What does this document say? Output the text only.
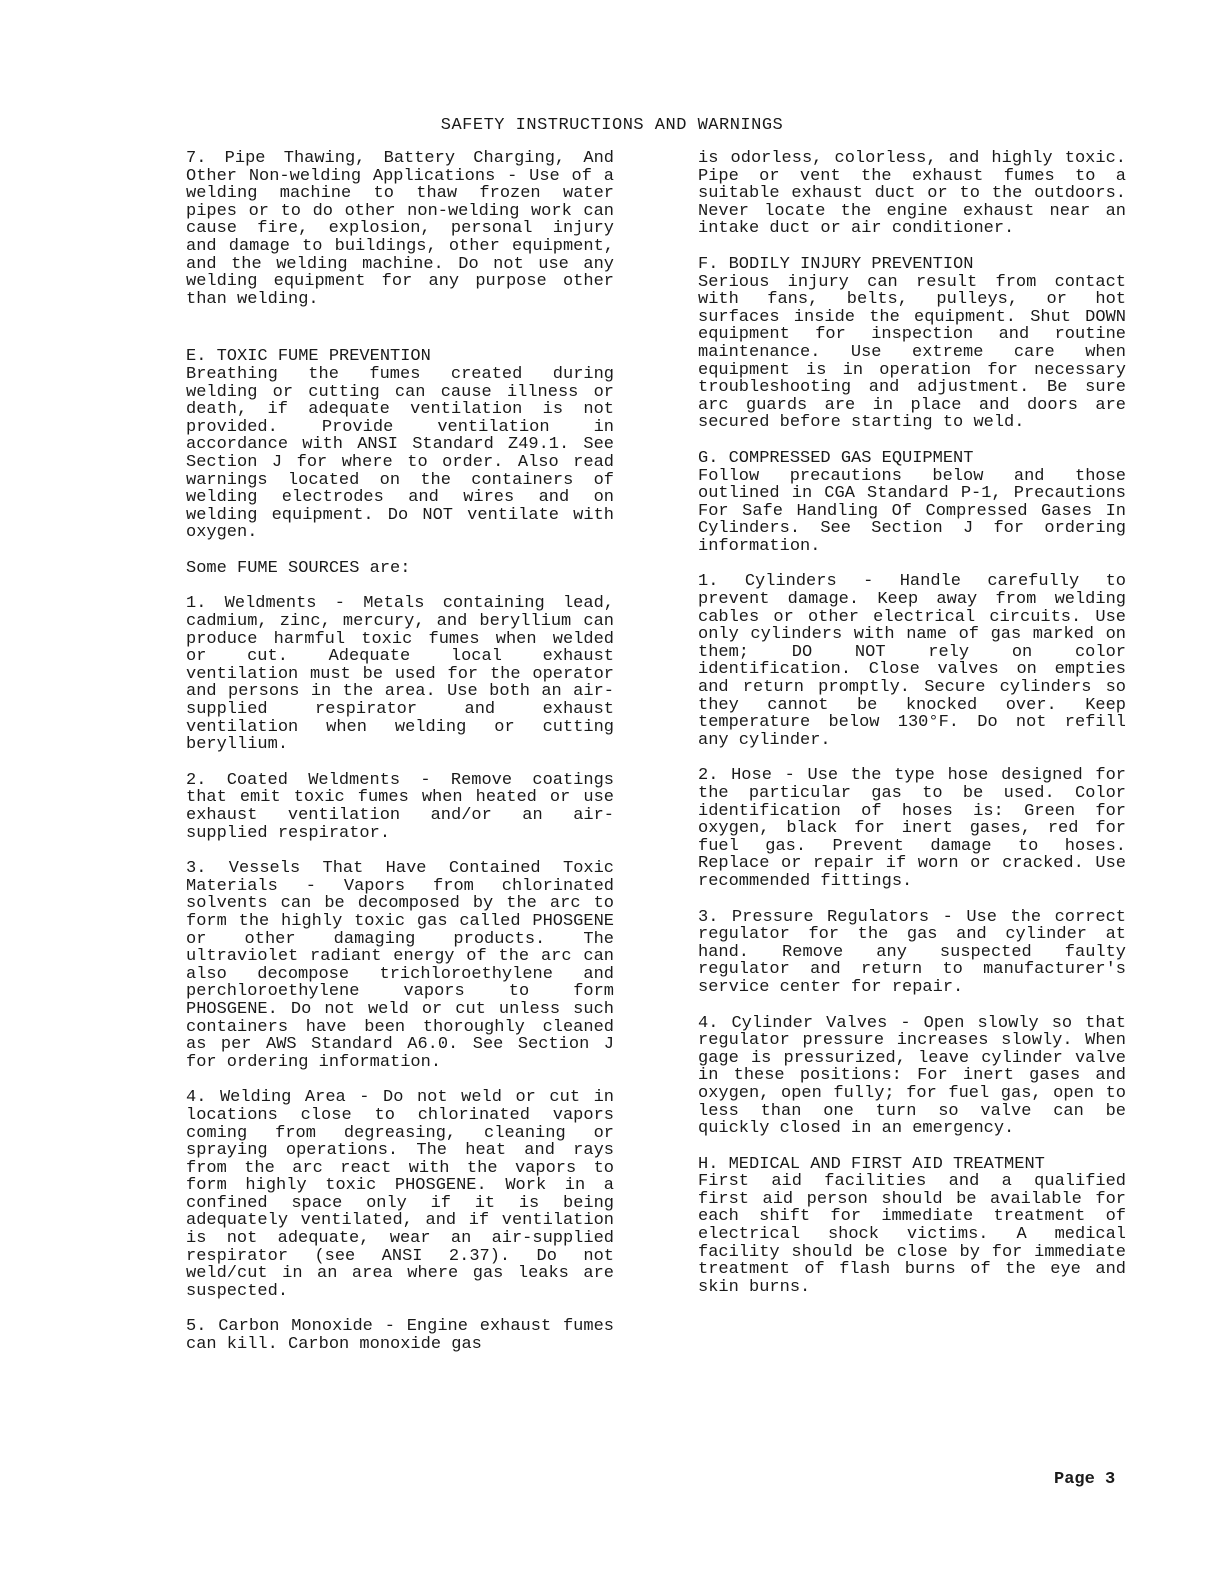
SAFETY INSTRUCTIONS AND WARNINGS

7. Pipe Thawing, Battery Charging, And Other Non-welding Applications - Use of a welding machine to thaw frozen water pipes or to do other non-welding work can cause fire, explosion, personal injury and damage to buildings, other equipment, and the welding machine. Do not use any welding equipment for any purpose other than welding.

E. TOXIC FUME PREVENTION
Breathing the fumes created during welding or cutting can cause illness or death, if adequate ventilation is not provided. Provide ventilation in accordance with ANSI Standard Z49.1. See Section J for where to order. Also read warnings located on the containers of welding electrodes and wires and on welding equipment. Do NOT ventilate with oxygen.

Some FUME SOURCES are:

1. Weldments - Metals containing lead, cadmium, zinc, mercury, and beryllium can produce harmful toxic fumes when welded or cut. Adequate local exhaust ventilation must be used for the operator and persons in the area. Use both an air-supplied respirator and exhaust ventilation when welding or cutting beryllium.

2. Coated Weldments - Remove coatings that emit toxic fumes when heated or use exhaust ventilation and/or an air-supplied respirator.

3. Vessels That Have Contained Toxic Materials - Vapors from chlorinated solvents can be decomposed by the arc to form the highly toxic gas called PHOSGENE or other damaging products. The ultraviolet radiant energy of the arc can also decompose trichloroethylene and perchloroethylene vapors to form PHOSGENE. Do not weld or cut unless such containers have been thoroughly cleaned as per AWS Standard A6.0. See Section J for ordering information.

4. Welding Area - Do not weld or cut in locations close to chlorinated vapors coming from degreasing, cleaning or spraying operations. The heat and rays from the arc react with the vapors to form highly toxic PHOSGENE. Work in a confined space only if it is being adequately ventilated, and if ventilation is not adequate, wear an air-supplied respirator (see ANSI 2.37). Do not weld/cut in an area where gas leaks are suspected.

5. Carbon Monoxide - Engine exhaust fumes can kill. Carbon monoxide gas

is odorless, colorless, and highly toxic. Pipe or vent the exhaust fumes to a suitable exhaust duct or to the outdoors. Never locate the engine exhaust near an intake duct or air conditioner.

F. BODILY INJURY PREVENTION
Serious injury can result from contact with fans, belts, pulleys, or hot surfaces inside the equipment. Shut DOWN equipment for inspection and routine maintenance. Use extreme care when equipment is in operation for necessary troubleshooting and adjustment. Be sure arc guards are in place and doors are secured before starting to weld.

G. COMPRESSED GAS EQUIPMENT
Follow precautions below and those outlined in CGA Standard P-1, Precautions For Safe Handling Of Compressed Gases In Cylinders. See Section J for ordering information.

1. Cylinders - Handle carefully to prevent damage. Keep away from welding cables or other electrical circuits. Use only cylinders with name of gas marked on them; DO NOT rely on color identification. Close valves on empties and return promptly. Secure cylinders so they cannot be knocked over. Keep temperature below 130°F. Do not refill any cylinder.

2. Hose - Use the type hose designed for the particular gas to be used. Color identification of hoses is: Green for oxygen, black for inert gases, red for fuel gas. Prevent damage to hoses. Replace or repair if worn or cracked. Use recommended fittings.

3. Pressure Regulators - Use the correct regulator for the gas and cylinder at hand. Remove any suspected faulty regulator and return to manufacturer's service center for repair.

4. Cylinder Valves - Open slowly so that regulator pressure increases slowly. When gage is pressurized, leave cylinder valve in these positions: For inert gases and oxygen, open fully; for fuel gas, open to less than one turn so valve can be quickly closed in an emergency.

H. MEDICAL AND FIRST AID TREATMENT
First aid facilities and a qualified first aid person should be available for each shift for immediate treatment of electrical shock victims. A medical facility should be close by for immediate treatment of flash burns of the eye and skin burns.

Page 3
